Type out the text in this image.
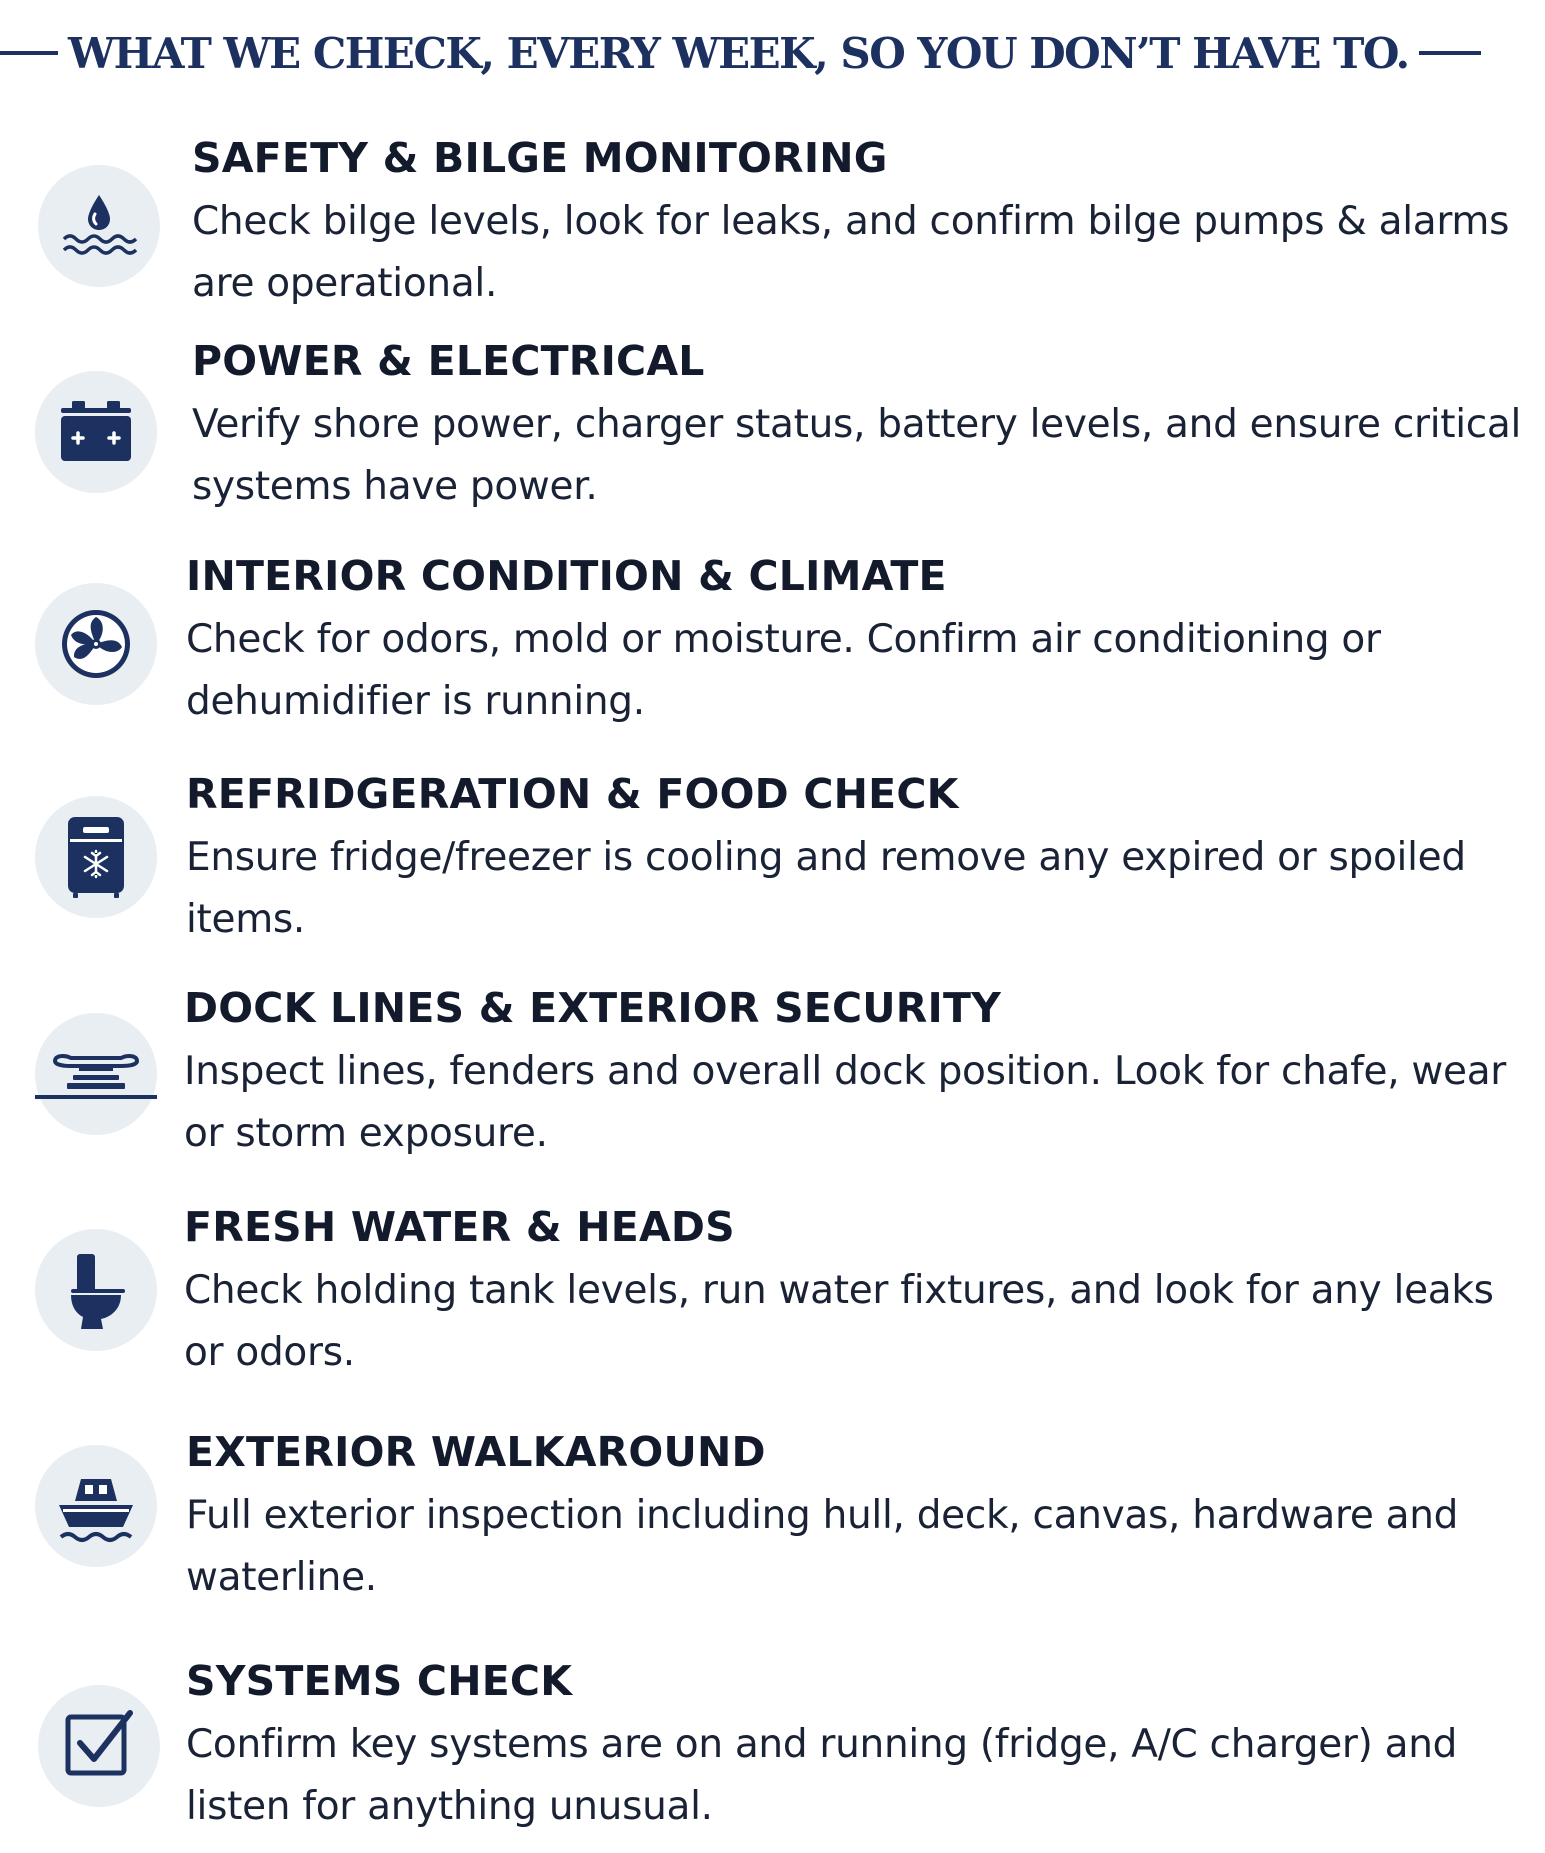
WHAT WE CHECK, EVERY WEEK, SO YOU DON’T HAVE TO.
SAFETY & BILGE MONITORING

Check bilge levels, look for leaks, and confirm bilge pumps & alarms are operational.

POWER & ELECTRICAL

Verify shore power, charger status, battery levels, and ensure critical systems have power.

INTERIOR CONDITION & CLIMATE

Check for odors, mold or moisture. Confirm air conditioning or dehumidifier is running.

REFRIDGERATION & FOOD CHECK

Ensure fridge/freezer is cooling and remove any expired or spoiled items.

DOCK LINES & EXTERIOR SECURITY

Inspect lines, fenders and overall dock position. Look for chafe, wear or storm exposure.

FRESH WATER & HEADS

Check holding tank levels, run water fixtures, and look for any leaks or odors.

EXTERIOR WALKAROUND

Full exterior inspection including hull, deck, canvas, hardware and waterline.

SYSTEMS CHECK

Confirm key systems are on and running (fridge, A/C charger) and listen for anything unusual.
